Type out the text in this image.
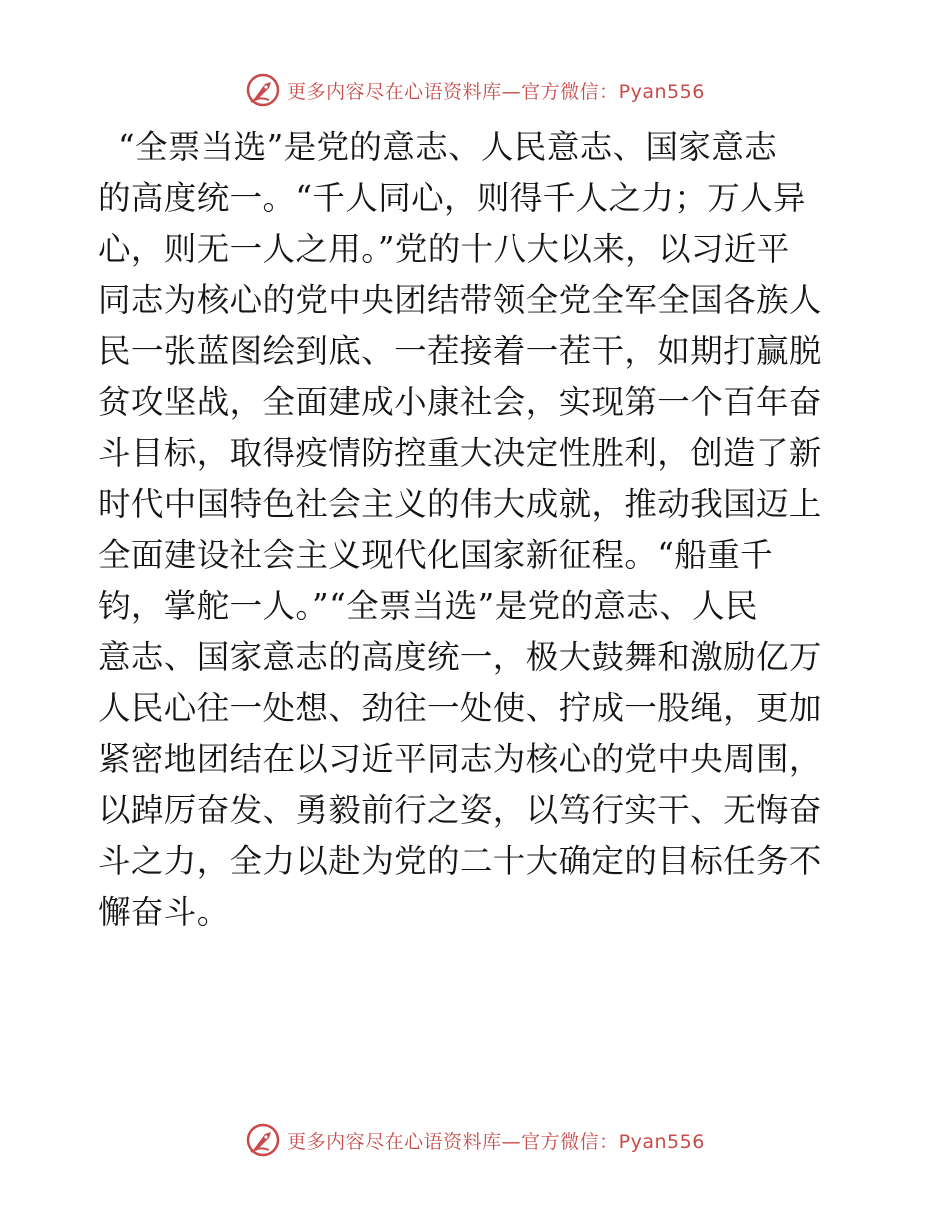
更多内容尽在心语资料库—官方微信：Pyan556
“全票当选”是党的意志、人民意志、国家意志
的高度统一。“千人同心，则得千人之力；万人异
心，则无一人之用。”党的十八大以来，以习近平
同志为核心的党中央团结带领全党全军全国各族人
民一张蓝图绘到底、一茬接着一茬干，如期打赢脱
贫攻坚战，全面建成小康社会，实现第一个百年奋
斗目标，取得疫情防控重大决定性胜利，创造了新
时代中国特色社会主义的伟大成就，推动我国迈上
全面建设社会主义现代化国家新征程。“船重千
钧，掌舵一人。”“全票当选”是党的意志、人民
意志、国家意志的高度统一，极大鼓舞和激励亿万
人民心往一处想、劲往一处使、拧成一股绳，更加
紧密地团结在以习近平同志为核心的党中央周围，
以踔厉奋发、勇毅前行之姿，以笃行实干、无悔奋
斗之力，全力以赴为党的二十大确定的目标任务不
懈奋斗。
更多内容尽在心语资料库—官方微信：Pyan556
